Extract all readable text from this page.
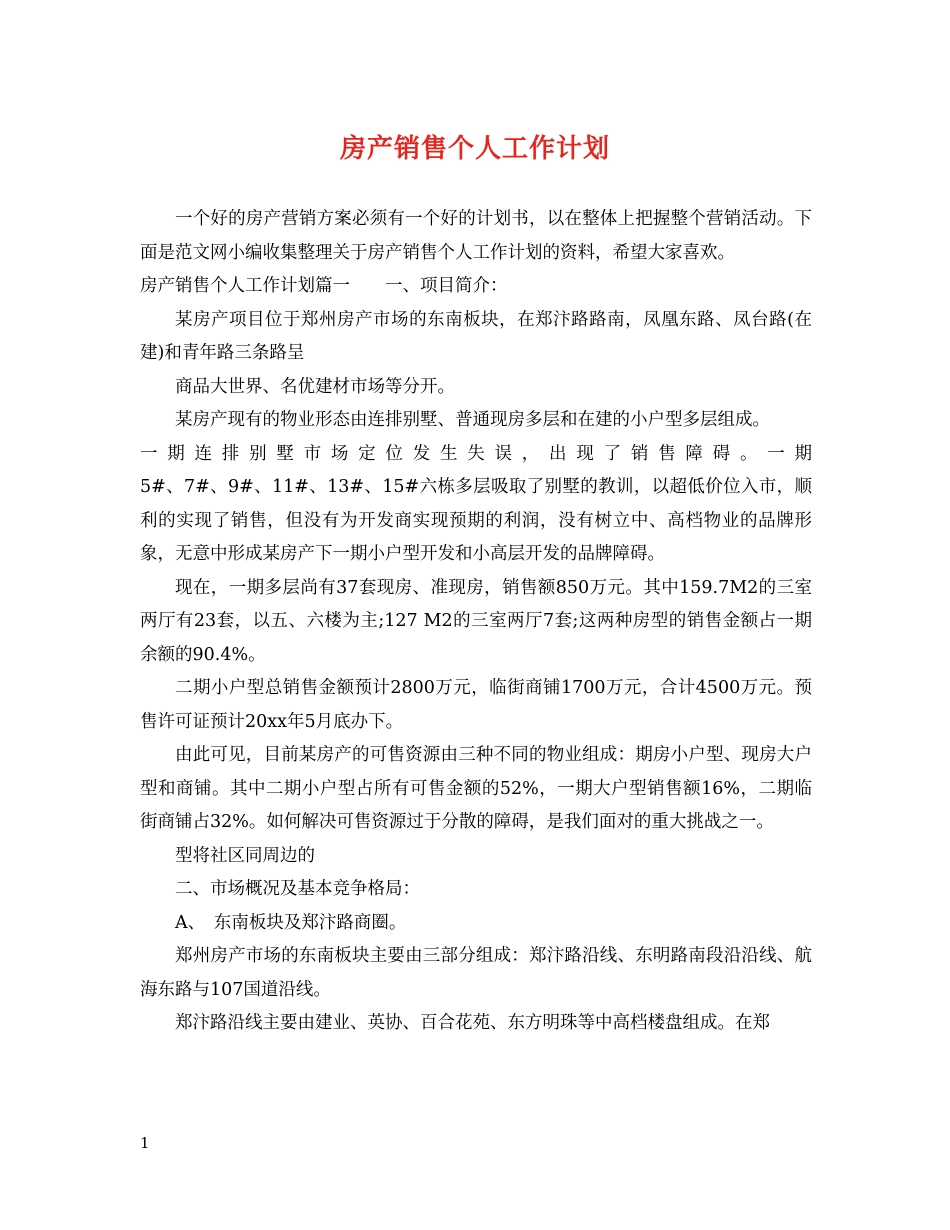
房产销售个人工作计划

一个好的房产营销方案必须有一个好的计划书，以在整体上把握整个营销活动。下面是范文网小编收集整理关于房产销售个人工作计划的资料，希望大家喜欢。

房产销售个人工作计划篇一　　一、项目简介：

某房产项目位于郑州房产市场的东南板块，在郑汴路路南，凤凰东路、凤台路(在建)和青年路三条路呈

商品大世界、名优建材市场等分开。

某房产现有的物业形态由连排别墅、普通现房多层和在建的小户型多层组成。

一期连排别墅市场定位发生失误，出现了销售障碍。一期

5#、7#、9#、11#、13#、15#六栋多层吸取了别墅的教训，以超低价位入市，顺利的实现了销售，但没有为开发商实现预期的利润，没有树立中、高档物业的品牌形象，无意中形成某房产下一期小户型开发和小高层开发的品牌障碍。

现在，一期多层尚有37套现房、准现房，销售额850万元。其中159.7M2的三室两厅有23套，以五、六楼为主;127 M2的三室两厅7套;这两种房型的销售金额占一期余额的90.4%。

二期小户型总销售金额预计2800万元，临街商铺1700万元，合计4500万元。预售许可证预计20xx年5月底办下。

由此可见，目前某房产的可售资源由三种不同的物业组成：期房小户型、现房大户型和商铺。其中二期小户型占所有可售金额的52%，一期大户型销售额16%，二期临街商铺占32%。如何解决可售资源过于分散的障碍，是我们面对的重大挑战之一。

型将社区同周边的

二、市场概况及基本竞争格局：

A、　东南板块及郑汴路商圈。

郑州房产市场的东南板块主要由三部分组成：郑汴路沿线、东明路南段沿沿线、航海东路与107国道沿线。

郑汴路沿线主要由建业、英协、百合花苑、东方明珠等中高档楼盘组成。在郑

1
